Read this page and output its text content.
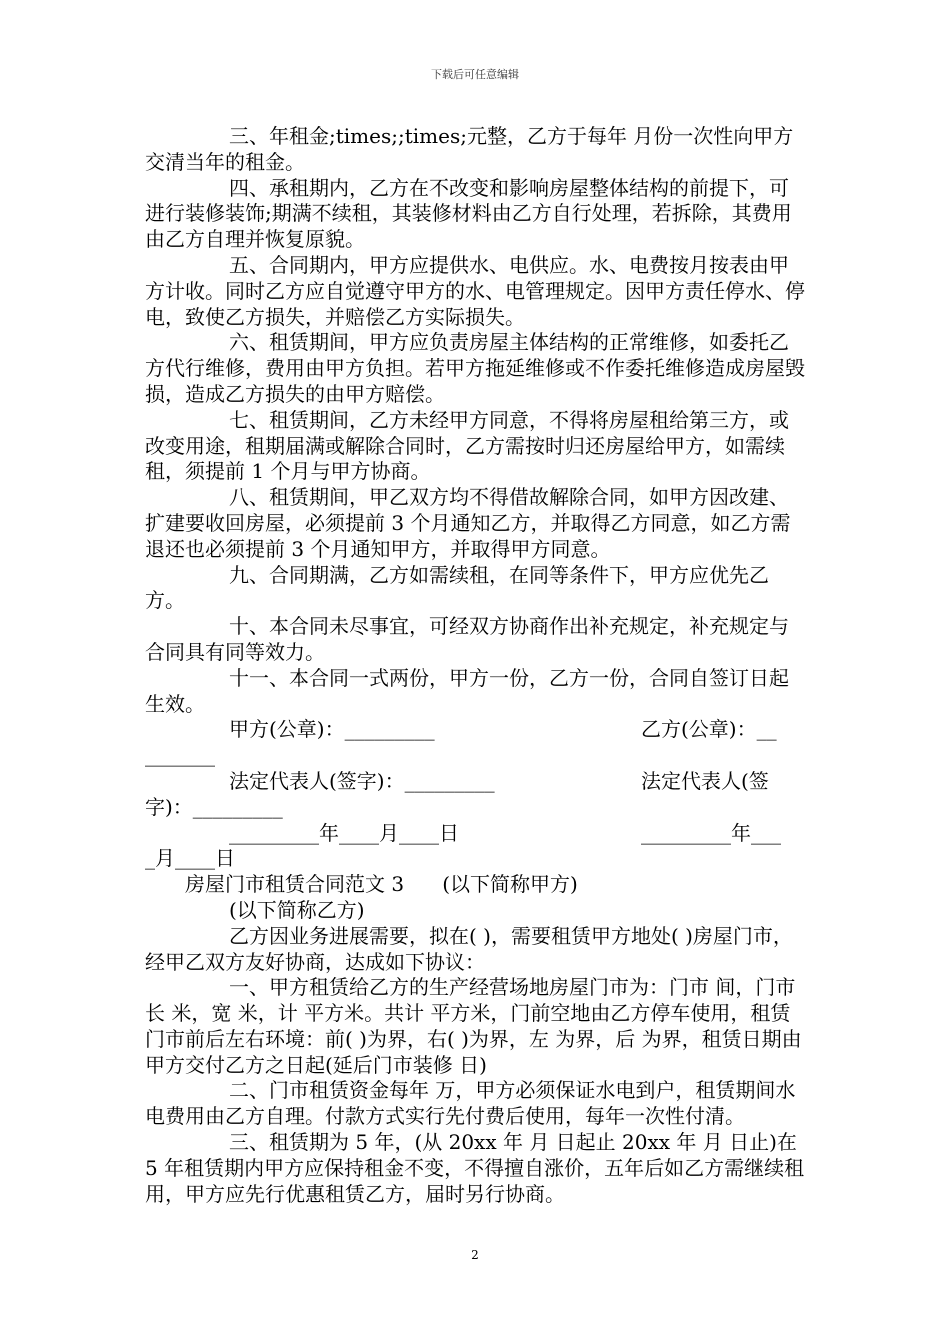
下载后可任意编辑

三、年租金;times;;times;元整，乙方于每年 月份一次性向甲方交清当年的租金。

四、承租期内，乙方在不改变和影响房屋整体结构的前提下，可进行装修装饰;期满不续租，其装修材料由乙方自行处理，若拆除，其费用由乙方自理并恢复原貌。

五、合同期内，甲方应提供水、电供应。水、电费按月按表由甲方计收。同时乙方应自觉遵守甲方的水、电管理规定。因甲方责任停水、停电，致使乙方损失，并赔偿乙方实际损失。

六、租赁期间，甲方应负责房屋主体结构的正常维修，如委托乙方代行维修，费用由甲方负担。若甲方拖延维修或不作委托维修造成房屋毁损，造成乙方损失的由甲方赔偿。

七、租赁期间，乙方未经甲方同意，不得将房屋租给第三方，或改变用途，租期届满或解除合同时，乙方需按时归还房屋给甲方，如需续租，须提前 1 个月与甲方协商。

八、租赁期间，甲乙双方均不得借故解除合同，如甲方因改建、扩建要收回房屋，必须提前 3 个月通知乙方，并取得乙方同意，如乙方需退还也必须提前 3 个月通知甲方，并取得甲方同意。

九、合同期满，乙方如需续租，在同等条件下，甲方应优先乙方。

十、本合同未尽事宜，可经双方协商作出补充规定，补充规定与合同具有同等效力。

十一、本合同一式两份，甲方一份，乙方一份，合同自签订日起生效。

甲方(公章)：_________

	乙方(公章)：__

_______

法定代表人(签字)：_________

	法定代表人(签

字)：_________

_________年____月____日

	_________年___

_月____日

房屋门市租赁合同范文 3      (以下简称甲方)

(以下简称乙方)

乙方因业务进展需要，拟在( )，需要租赁甲方地处( )房屋门市，经甲乙双方友好协商，达成如下协议：

一、甲方租赁给乙方的生产经营场地房屋门市为：门市 间，门市长 米，宽 米，计 平方米。共计 平方米，门前空地由乙方停车使用，租赁门市前后左右环境：前( )为界，右( )为界，左 为界，后 为界，租赁日期由甲方交付乙方之日起(延后门市装修 日)

二、门市租赁资金每年 万，甲方必须保证水电到户，租赁期间水电费用由乙方自理。付款方式实行先付费后使用，每年一次性付清。

三、租赁期为 5 年，(从 20xx 年 月 日起止 20xx 年 月 日止)在 5 年租赁期内甲方应保持租金不变，不得擅自涨价，五年后如乙方需继续租用，甲方应先行优惠租赁乙方，届时另行协商。

2
